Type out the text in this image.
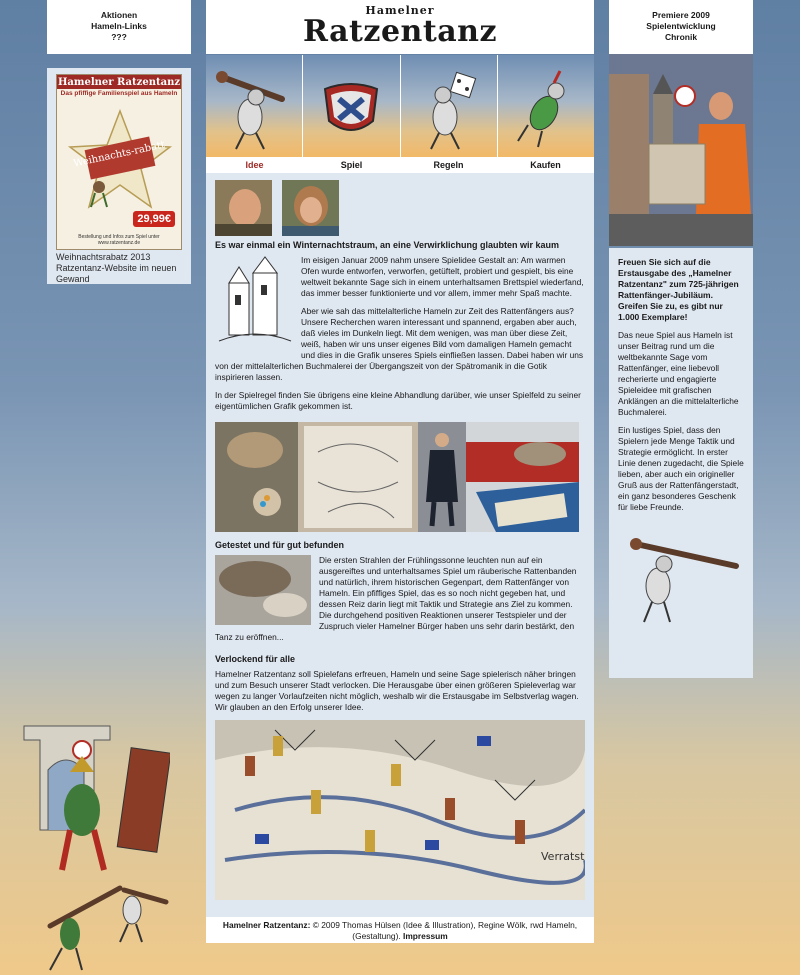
Aktionen
Hameln-Links
???
Hamelner Ratzentanz
Das pfiffige Familienspiel aus Hameln
Weihnachts-rabatt
29,99€
Bestellung und Infos zum Spiel unter www.ratzentanz.de
Weihnachtsrabatz 2013
Ratzentanz-Website im neuen Gewand
Hamelner
Ratzentanz
Idee	Spiel	Regeln	Kaufen
Es war einmal ein Winternachtstraum, an eine Verwirklichung glaubten wir kaum

Im eisigen Januar 2009 nahm unsere Spielidee Gestalt an: Am warmen Ofen wurde entworfen, verworfen, getüftelt, probiert und gespielt, bis eine weltweit bekannte Sage sich in einem unterhaltsamen Brettspiel wiederfand, das immer besser funktionierte und vor allem, immer mehr Spaß machte.

Aber wie sah das mittelalterliche Hameln zur Zeit des Rattenfängers aus? Unsere Recherchen waren interessant und spannend, ergaben aber auch, daß vieles im Dunkeln liegt. Mit dem wenigen, was man über diese Zeit, weiß, haben wir uns unser eigenes Bild vom damaligen Hameln gemacht und dies in die Grafik unseres Spiels einfließen lassen. Dabei haben wir uns von der mittelalterlichen Buchmalerei der Übergangszeit von der Spätromanik in die Gotik inspirieren lassen.

In der Spielregel finden Sie übrigens eine kleine Abhandlung darüber, wie unser Spielfeld zu seiner eigentümlichen Grafik gekommen ist.

Getestet und für gut befunden

Die ersten Strahlen der Frühlingssonne leuchten nun auf ein ausgereiftes und unterhaltsames Spiel um räuberische Rattenbanden und natürlich, ihrem historischen Gegenpart, dem Rattenfänger von Hameln. Ein pfiffiges Spiel, das es so noch nicht gegeben hat, und dessen Reiz darin liegt mit Taktik und Strategie ans Ziel zu kommen. Die durchgehend positiven Reaktionen unserer Testspieler und der Zuspruch vieler Hamelner Bürger haben uns sehr darin bestärkt, den Tanz zu eröffnen...

Verlockend für alle

Hamelner Ratzentanz soll Spielefans erfreuen, Hameln und seine Sage spielerisch näher bringen und zum Besuch unserer Stadt verlocken. Die Herausgabe über einen größeren Spieleverlag war wegen zu langer Vorlaufzeiten nicht möglich, weshalb wir die Erstausgabe im Selbstverlag wagen. Wir glauben an den Erfolg unserer Idee.

Verratst
Hamelner Ratzentanz: © 2009 Thomas Hülsen (Idee & Illustration), Regine Wölk, rwd Hameln, (Gestaltung). Impressum
Premiere 2009
Spielentwicklung
Chronik
Freuen Sie sich auf die Erstausgabe des „Hamelner Ratzentanz" zum 725-jährigen Rattenfänger-Jubiläum. Greifen Sie zu, es gibt nur 1.000 Exemplare!

Das neue Spiel aus Hameln ist unser Beitrag rund um die weltbekannte Sage vom Rattenfänger, eine liebevoll recherierte und engagierte Spieleidee mit grafischen Anklängen an die mittelalterliche Buchmalerei.

Ein lustiges Spiel, dass den Spielern jede Menge Taktik und Strategie ermöglicht. In erster Linie denen zugedacht, die Spiele lieben, aber auch ein origineller Gruß aus der Rattenfängerstadt, ein ganz besonderes Geschenk für liebe Freunde.
